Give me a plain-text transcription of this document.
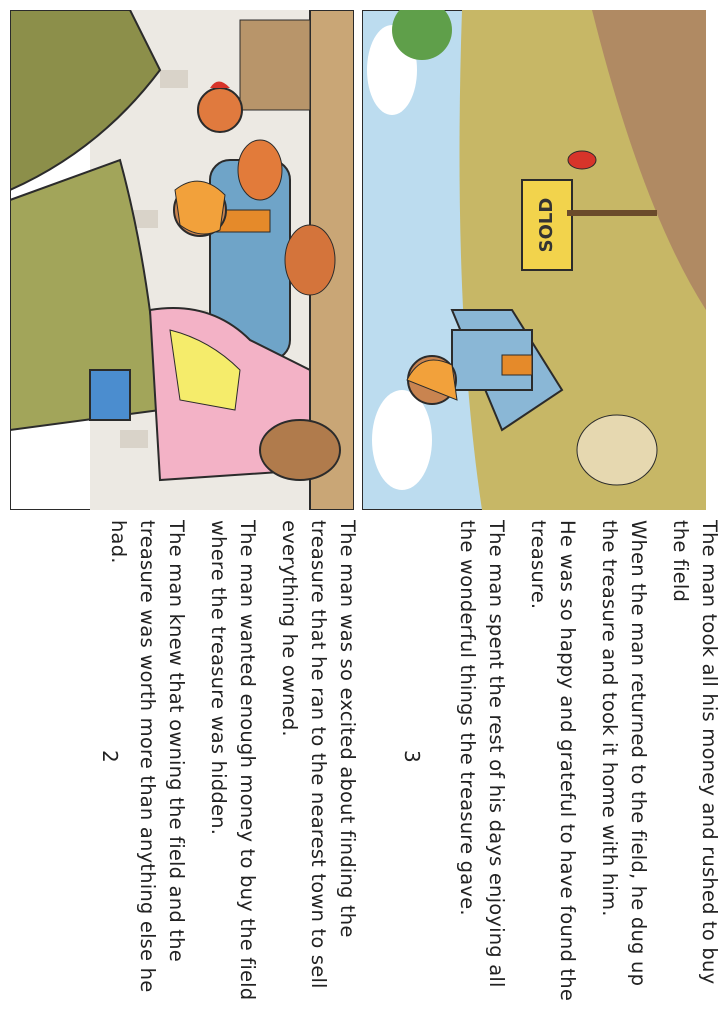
The man was so excited about finding the treasure that he ran to the nearest town to sell everything he owned.

The man wanted enough money to buy the field where the treasure was hidden.

The man knew that owning the field and the treasure was worth more than anything else he had.

2
SOLD

The man took all his money and rushed to buy the field

When the man returned to the field, he dug up the treasure and took it home with him.

He was so happy and grateful to have found the treasure.

The man spent the rest of his days enjoying all the wonderful things the treasure gave.

3
